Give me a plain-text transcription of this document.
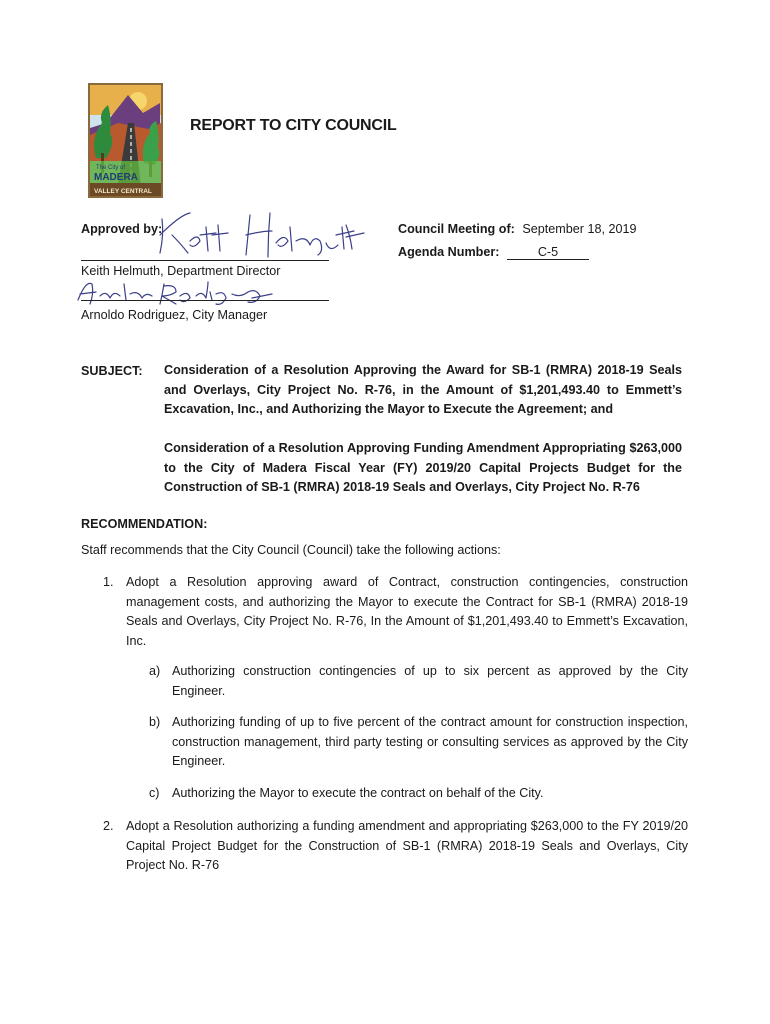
The City of
MADERA
VALLEY CENTRAL
REPORT TO CITY COUNCIL
Approved by:
Keith Helmuth, Department Director
Arnoldo Rodriguez, City Manager
Council Meeting of: September 18, 2019
Agenda Number:	C-5
SUBJECT: Consideration of a Resolution Approving the Award for SB-1 (RMRA) 2018-19 Seals and Overlays, City Project No. R-76, in the Amount of $1,201,493.40 to Emmett’s Excavation, Inc., and Authorizing the Mayor to Execute the Agreement; and
Consideration of a Resolution Approving Funding Amendment Appropriating $263,000 to the City of Madera Fiscal Year (FY) 2019/20 Capital Projects Budget for the Construction of SB-1 (RMRA) 2018-19 Seals and Overlays, City Project No. R-76
RECOMMENDATION:
Staff recommends that the City Council (Council) take the following actions:
1. Adopt a Resolution approving award of Contract, construction contingencies, construction management costs, and authorizing the Mayor to execute the Contract for SB-1 (RMRA) 2018-19 Seals and Overlays, City Project No. R-76, In the Amount of $1,201,493.40 to Emmett’s Excavation, Inc.
a) Authorizing construction contingencies of up to six percent as approved by the City Engineer.
b) Authorizing funding of up to five percent of the contract amount for construction inspection, construction management, third party testing or consulting services as approved by the City Engineer.
c) Authorizing the Mayor to execute the contract on behalf of the City.
2. Adopt a Resolution authorizing a funding amendment and appropriating $263,000 to the FY 2019/20 Capital Project Budget for the Construction of SB-1 (RMRA) 2018-19 Seals and Overlays, City Project No. R-76
